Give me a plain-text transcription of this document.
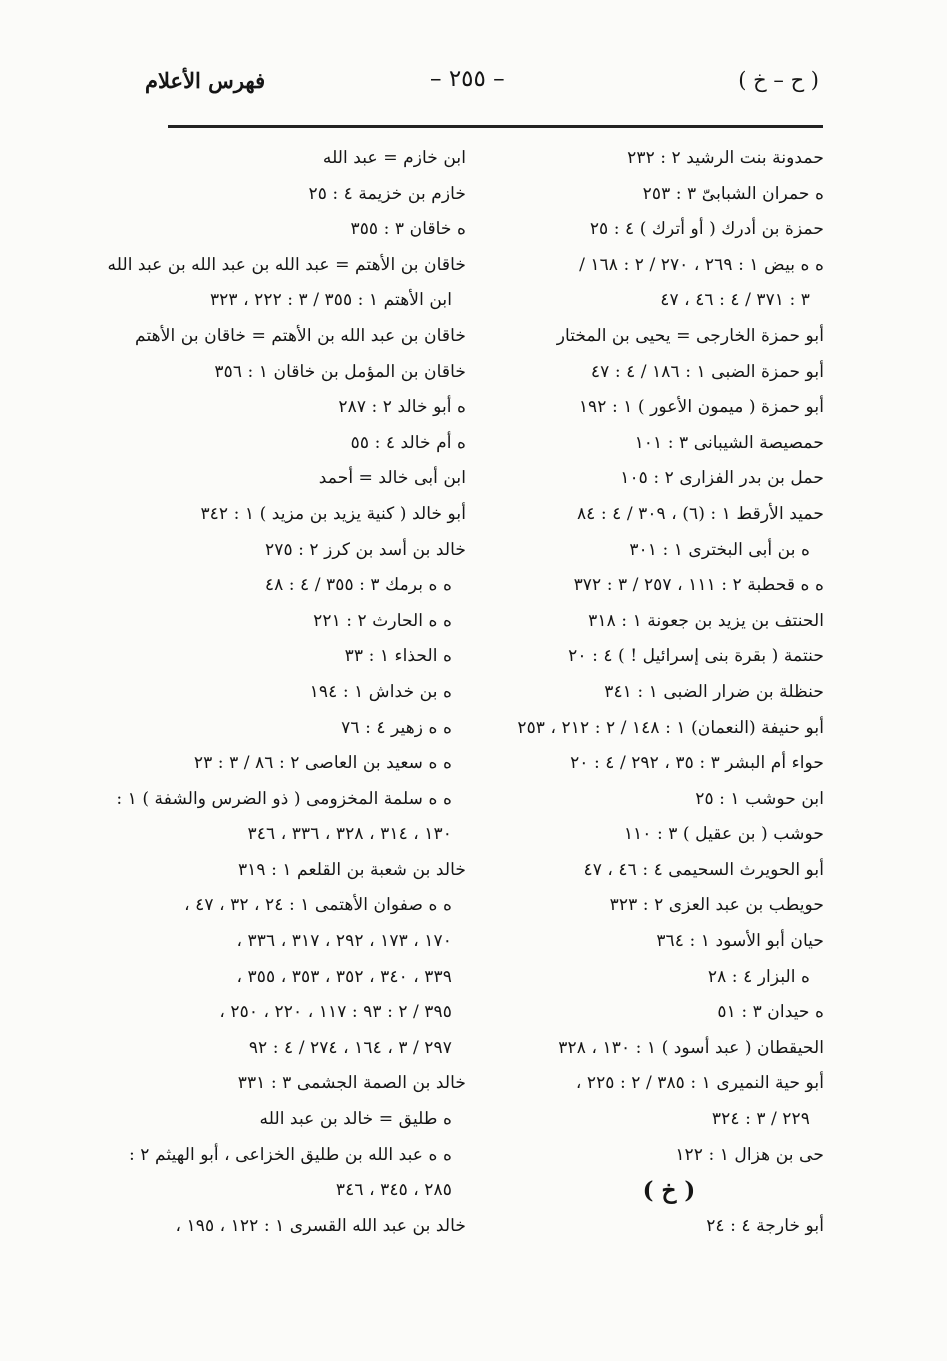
( ح – خ )
– ٢٥٥ –
فهرس الأعلام
حمدونة بنت الرشيد ٢ : ٢٣٢
ه حمران الشبابىّ ٣ : ٢٥٣
حمزة بن أدرك ( أو أترك ) ٤ : ٢٥
ه ه بيض ١ : ٢٦٩ ، ٢٧٠ / ٢ : ١٦٨ /
٣ : ٣٧١ / ٤ : ٤٦ ، ٤٧
أبو حمزة الخارجى = يحيى بن المختار
أبو حمزة الضبى ١ : ١٨٦ / ٤ : ٤٧
أبو حمزة ( ميمون الأعور ) ١ : ١٩٢
حمصيصة الشيبانى ٣ : ١٠١
حمل بن بدر الفزارى ٢ : ١٠٥
حميد الأرقط ١ : (٦) ، ٣٠٩ / ٤ : ٨٤
ه بن أبى البخترى ١ : ٣٠١
ه ه قحطبة ٢ : ١١١ ، ٢٥٧ / ٣ : ٣٧٢
الحنتف بن يزيد بن جعونة ١ : ٣١٨
حنتمة ( بقرة بنى إسرائيل ! ) ٤ : ٢٠
حنظلة بن ضرار الضبى ١ : ٣٤١
أبو حنيفة (النعمان) ١ : ١٤٨ / ٢ : ٢١٢ ، ٢٥٣
حواء أم البشر ٣ : ٣٥ ، ٢٩٢ / ٤ : ٢٠
ابن حوشب ١ : ٢٥
حوشب ( بن عقيل ) ٣ : ١١٠
أبو الحويرث السحيمى ٤ : ٤٦ ، ٤٧
حويطب بن عبد العزى ٢ : ٣٢٣
حيان أبو الأسود ١ : ٣٦٤
ه البزار ٤ : ٢٨
ه حيدان ٣ : ٥١
الحيقطان ( عبد أسود ) ١ : ١٣٠ ، ٣٢٨
أبو حية النميرى ١ : ٣٨٥ / ٢ : ٢٢٥ ،
٢٢٩ / ٣ : ٣٢٤
حى بن هزال ١ : ١٢٢
( خ )
أبو خارجة ٤ : ٢٤
ابن خازم = عبد الله
خازم بن خزيمة ٤ : ٢٥
ه خاقان ٣ : ٣٥٥
خاقان بن الأهتم = عبد الله بن عبد الله بن عبد الله
ابن الأهتم ١ : ٣٥٥ / ٣ : ٢٢٢ ، ٣٢٣
خاقان بن عبد الله بن الأهتم = خاقان بن الأهتم
خاقان بن المؤمل بن خاقان ١ : ٣٥٦
ه أبو خالد ٢ : ٢٨٧
ه أم خالد ٤ : ٥٥
ابن أبى خالد = أحمد
أبو خالد ( كنية يزيد بن مزيد ) ١ : ٣٤٢
خالد بن أسد بن كرز ٢ : ٢٧٥
ه ه برمك ٣ : ٣٥٥ / ٤ : ٤٨
ه ه الحارث ٢ : ٢٢١
ه الحذاء ١ : ٣٣
ه بن خداش ١ : ١٩٤
ه ه زهير ٤ : ٧٦
ه ه سعيد بن العاصى ٢ : ٨٦ / ٣ : ٢٣
ه ه سلمة المخزومى ( ذو الضرس والشفة ) ١ :
١٣٠ ، ٣١٤ ، ٣٢٨ ، ٣٣٦ ، ٣٤٦
خالد بن شعبة بن القلعم ١ : ٣١٩
ه ه صفوان الأهتمى ١ : ٢٤ ، ٣٢ ، ٤٧ ،
١٧٠ ، ١٧٣ ، ٢٩٢ ، ٣١٧ ، ٣٣٦ ،
٣٣٩ ، ٣٤٠ ، ٣٥٢ ، ٣٥٣ ، ٣٥٥ ،
٣٩٥ / ٢ : ٩٣ : ١١٧ ، ٢٢٠ ، ٢٥٠ ،
٢٩٧ / ٣ ، ١٦٤ ، ٢٧٤ / ٤ : ٩٢
خالد بن الصمة الجشمى ٣ : ٣٣١
ه طليق = خالد بن عبد الله
ه ه عبد الله بن طليق الخزاعى ، أبو الهيثم ٢ :
٢٨٥ ، ٣٤٥ ، ٣٤٦
خالد بن عبد الله القسرى ١ : ١٢٢ ، ١٩٥ ،
